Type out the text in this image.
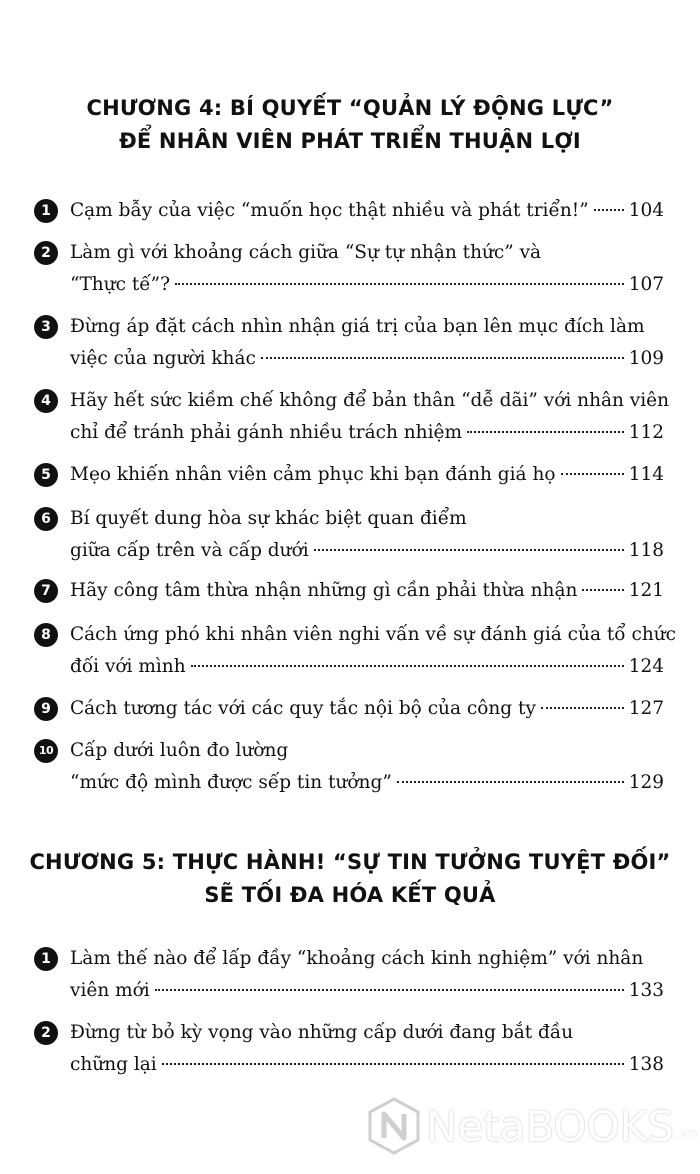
CHƯƠNG 4: BÍ QUYẾT “QUẢN LÝ ĐỘNG LỰC”
ĐỂ NHÂN VIÊN PHÁT TRIỂN THUẬN LỢI
1	Cạm bẫy của việc “muốn học thật nhiều và phát triển!” 104
2	Làm gì với khoảng cách giữa “Sự tự nhận thức” và
“Thực tế”?	107
3	Đừng áp đặt cách nhìn nhận giá trị của bạn lên mục đích làm
việc của người khác	109
4	Hãy hết sức kiềm chế không để bản thân “dễ dãi” với nhân viên
chỉ để tránh phải gánh nhiều trách nhiệm	112
5	Mẹo khiến nhân viên cảm phục khi bạn đánh giá họ	114
6	Bí quyết dung hòa sự khác biệt quan điểm
giữa cấp trên và cấp dưới	118
7	Hãy công tâm thừa nhận những gì cần phải thừa nhận	121
8	Cách ứng phó khi nhân viên nghi vấn về sự đánh giá của tổ chức
đối với mình	124
9	Cách tương tác với các quy tắc nội bộ của công ty	127
10 Cấp dưới luôn đo lường
“mức độ mình được sếp tin tưởng”	129
CHƯƠNG 5: THỰC HÀNH! “SỰ TIN TƯỞNG TUYỆT ĐỐI”
SẼ TỐI ĐA HÓA KẾT QUẢ
1	Làm thế nào để lấp đầy “khoảng cách kinh nghiệm” với nhân
viên mới	133
2	Đừng từ bỏ kỳ vọng vào những cấp dưới đang bắt đầu
chững lại	138
NetaBOOKS .vn
